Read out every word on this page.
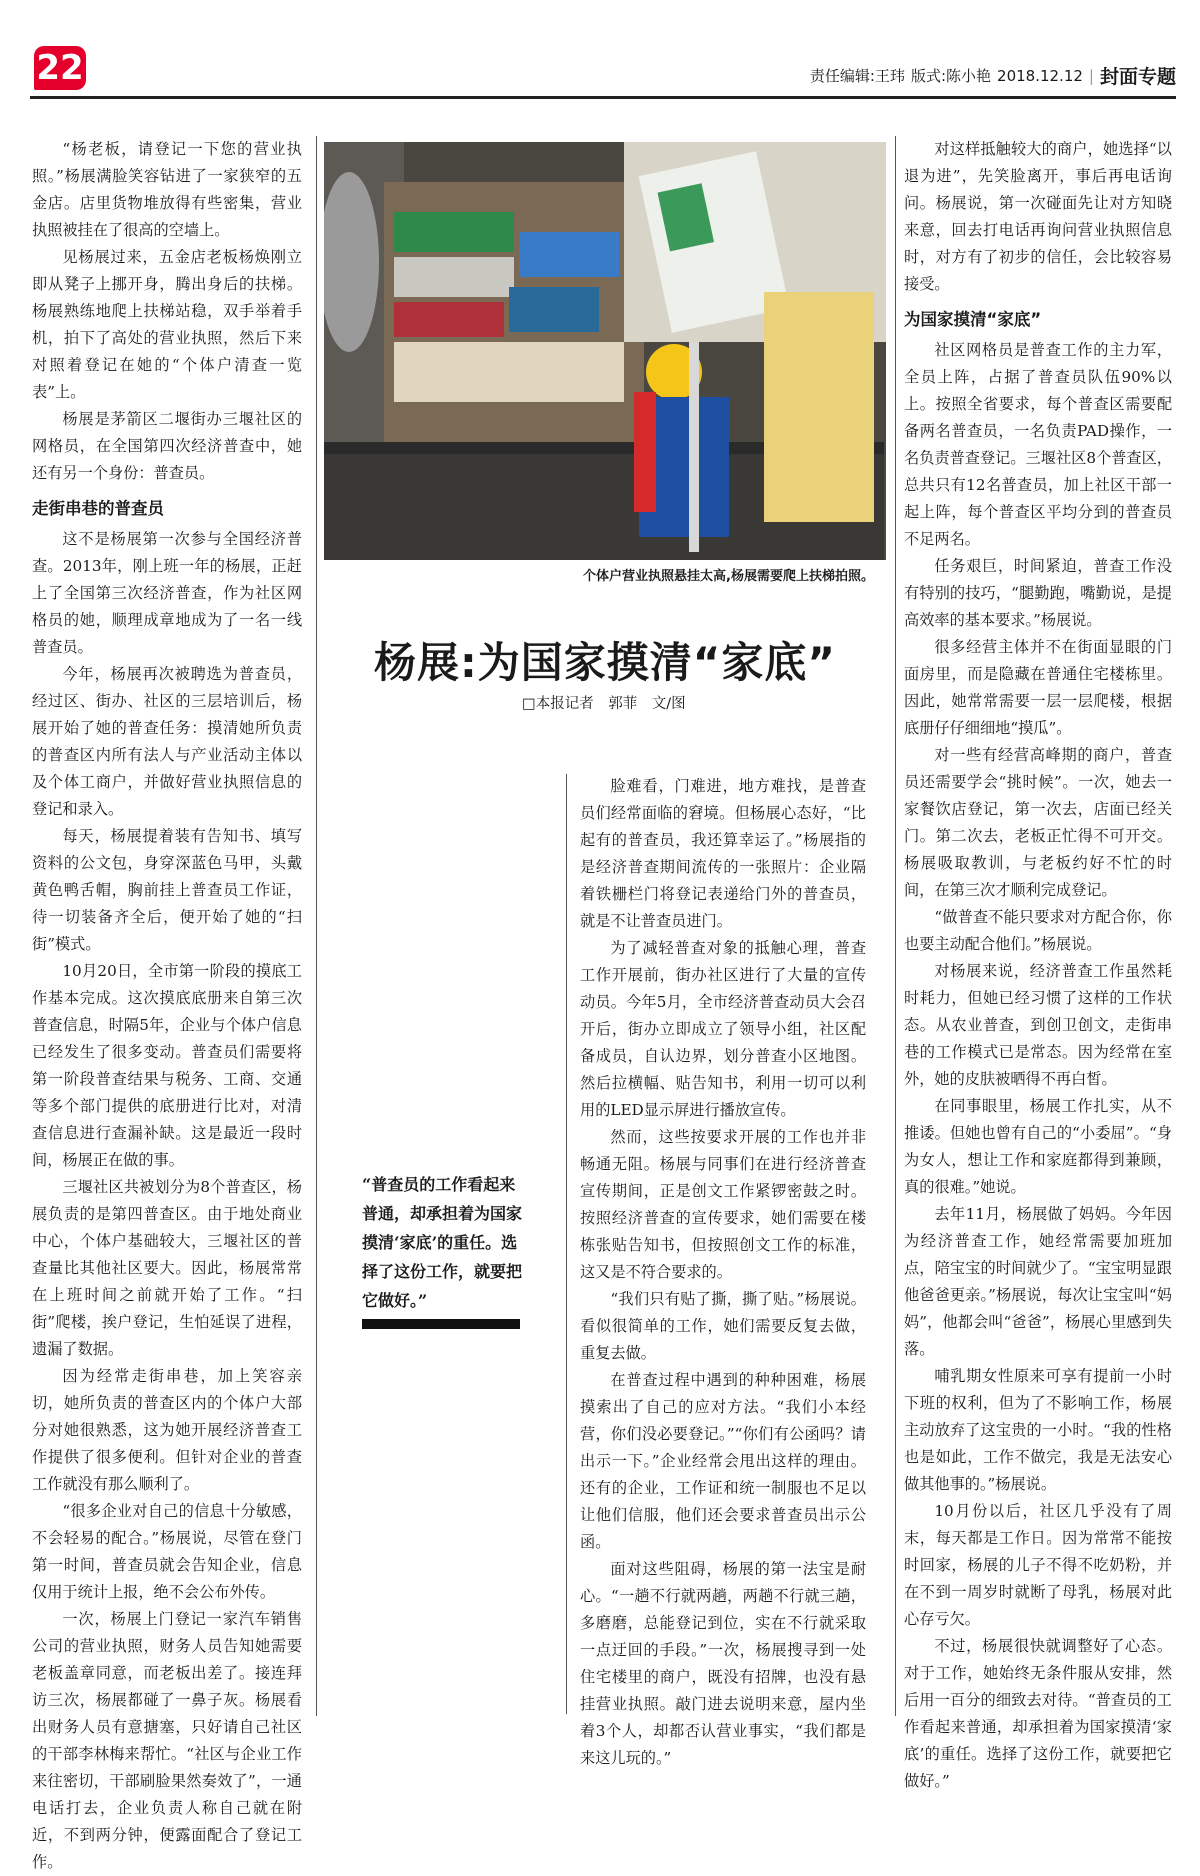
22	责任编辑:王玮 版式:陈小艳 2018.12.12 | 封面专题

“杨老板，请登记一下您的营业执照。”杨展满脸笑容钻进了一家狭窄的五金店。店里货物堆放得有些密集，营业执照被挂在了很高的空墙上。

见杨展过来，五金店老板杨焕刚立即从凳子上挪开身，腾出身后的扶梯。杨展熟练地爬上扶梯站稳，双手举着手机，拍下了高处的营业执照，然后下来对照着登记在她的“个体户清查一览表”上。

杨展是茅箭区二堰街办三堰社区的网格员，在全国第四次经济普查中，她还有另一个身份：普查员。

走街串巷的普查员

这不是杨展第一次参与全国经济普查。2013年，刚上班一年的杨展，正赶上了全国第三次经济普查，作为社区网格员的她，顺理成章地成为了一名一线普查员。

今年，杨展再次被聘选为普查员，经过区、街办、社区的三层培训后，杨展开始了她的普查任务：摸清她所负责的普查区内所有法人与产业活动主体以及个体工商户，并做好营业执照信息的登记和录入。

每天，杨展提着装有告知书、填写资料的公文包，身穿深蓝色马甲，头戴黄色鸭舌帽，胸前挂上普查员工作证，待一切装备齐全后，便开始了她的“扫街”模式。

10月20日，全市第一阶段的摸底工作基本完成。这次摸底底册来自第三次普查信息，时隔5年，企业与个体户信息已经发生了很多变动。普查员们需要将第一阶段普查结果与税务、工商、交通等多个部门提供的底册进行比对，对清查信息进行查漏补缺。这是最近一段时间，杨展正在做的事。

三堰社区共被划分为8个普查区，杨展负责的是第四普查区。由于地处商业中心，个体户基础较大，三堰社区的普查量比其他社区要大。因此，杨展常常在上班时间之前就开始了工作。“扫街”爬楼，挨户登记，生怕延误了进程，遗漏了数据。

因为经常走街串巷，加上笑容亲切，她所负责的普查区内的个体户大部分对她很熟悉，这为她开展经济普查工作提供了很多便利。但针对企业的普查工作就没有那么顺利了。

“很多企业对自己的信息十分敏感，不会轻易的配合。”杨展说，尽管在登门第一时间，普查员就会告知企业，信息仅用于统计上报，绝不会公布外传。

一次，杨展上门登记一家汽车销售公司的营业执照，财务人员告知她需要老板盖章同意，而老板出差了。接连拜访三次，杨展都碰了一鼻子灰。杨展看出财务人员有意搪塞，只好请自己社区的干部李林梅来帮忙。“社区与企业工作来往密切，干部刷脸果然奏效了”，一通电话打去，企业负责人称自己就在附近，不到两分钟，便露面配合了登记工作。

个体户营业执照悬挂太高,杨展需要爬上扶梯拍照。
杨展:为国家摸清“家底”
□本报记者　郭菲　文/图
“普查员的工作看起来普通，却承担着为国家摸清‘家底’的重任。选择了这份工作，就要把它做好。”

脸难看，门难进，地方难找，是普查员们经常面临的窘境。但杨展心态好，“比起有的普查员，我还算幸运了。”杨展指的是经济普查期间流传的一张照片：企业隔着铁栅栏门将登记表递给门外的普查员，就是不让普查员进门。

为了减轻普查对象的抵触心理，普查工作开展前，街办社区进行了大量的宣传动员。今年5月，全市经济普查动员大会召开后，街办立即成立了领导小组，社区配备成员，自认边界，划分普查小区地图。然后拉横幅、贴告知书，利用一切可以利用的LED显示屏进行播放宣传。

然而，这些按要求开展的工作也并非畅通无阻。杨展与同事们在进行经济普查宣传期间，正是创文工作紧锣密鼓之时。按照经济普查的宣传要求，她们需要在楼栋张贴告知书，但按照创文工作的标准，这又是不符合要求的。

“我们只有贴了撕，撕了贴。”杨展说。看似很简单的工作，她们需要反复去做，重复去做。

在普查过程中遇到的种种困难，杨展摸索出了自己的应对方法。“我们小本经营，你们没必要登记。”“你们有公函吗？请出示一下。”企业经常会甩出这样的理由。还有的企业，工作证和统一制服也不足以让他们信服，他们还会要求普查员出示公函。

面对这些阻碍，杨展的第一法宝是耐心。“一趟不行就两趟，两趟不行就三趟，多磨磨，总能登记到位，实在不行就采取一点迂回的手段。”一次，杨展搜寻到一处住宅楼里的商户，既没有招牌，也没有悬挂营业执照。敲门进去说明来意，屋内坐着3个人，却都否认营业事实，“我们都是来这儿玩的。”

对这样抵触较大的商户，她选择“以退为进”，先笑脸离开，事后再电话询问。杨展说，第一次碰面先让对方知晓来意，回去打电话再询问营业执照信息时，对方有了初步的信任，会比较容易接受。

为国家摸清“家底”

社区网格员是普查工作的主力军，全员上阵，占据了普查员队伍90%以上。按照全省要求，每个普查区需要配备两名普查员，一名负责PAD操作，一名负责普查登记。三堰社区8个普查区，总共只有12名普查员，加上社区干部一起上阵，每个普查区平均分到的普查员不足两名。

任务艰巨，时间紧迫，普查工作没有特别的技巧，“腿勤跑，嘴勤说，是提高效率的基本要求。”杨展说。

很多经营主体并不在街面显眼的门面房里，而是隐藏在普通住宅楼栋里。因此，她常常需要一层一层爬楼，根据底册仔仔细细地“摸瓜”。

对一些有经营高峰期的商户，普查员还需要学会“挑时候”。一次，她去一家餐饮店登记，第一次去，店面已经关门。第二次去，老板正忙得不可开交。杨展吸取教训，与老板约好不忙的时间，在第三次才顺利完成登记。

“做普查不能只要求对方配合你，你也要主动配合他们。”杨展说。

对杨展来说，经济普查工作虽然耗时耗力，但她已经习惯了这样的工作状态。从农业普查，到创卫创文，走街串巷的工作模式已是常态。因为经常在室外，她的皮肤被晒得不再白皙。

在同事眼里，杨展工作扎实，从不推诿。但她也曾有自己的“小委屈”。“身为女人，想让工作和家庭都得到兼顾，真的很难。”她说。

去年11月，杨展做了妈妈。今年因为经济普查工作，她经常需要加班加点，陪宝宝的时间就少了。“宝宝明显跟他爸爸更亲。”杨展说，每次让宝宝叫“妈妈”，他都会叫“爸爸”，杨展心里感到失落。

哺乳期女性原来可享有提前一小时下班的权利，但为了不影响工作，杨展主动放弃了这宝贵的一小时。“我的性格也是如此，工作不做完，我是无法安心做其他事的。”杨展说。

10月份以后，社区几乎没有了周末，每天都是工作日。因为常常不能按时回家，杨展的儿子不得不吃奶粉，并在不到一周岁时就断了母乳，杨展对此心存亏欠。

不过，杨展很快就调整好了心态。对于工作，她始终无条件服从安排，然后用一百分的细致去对待。“普查员的工作看起来普通，却承担着为国家摸清‘家底’的重任。选择了这份工作，就要把它做好。”
